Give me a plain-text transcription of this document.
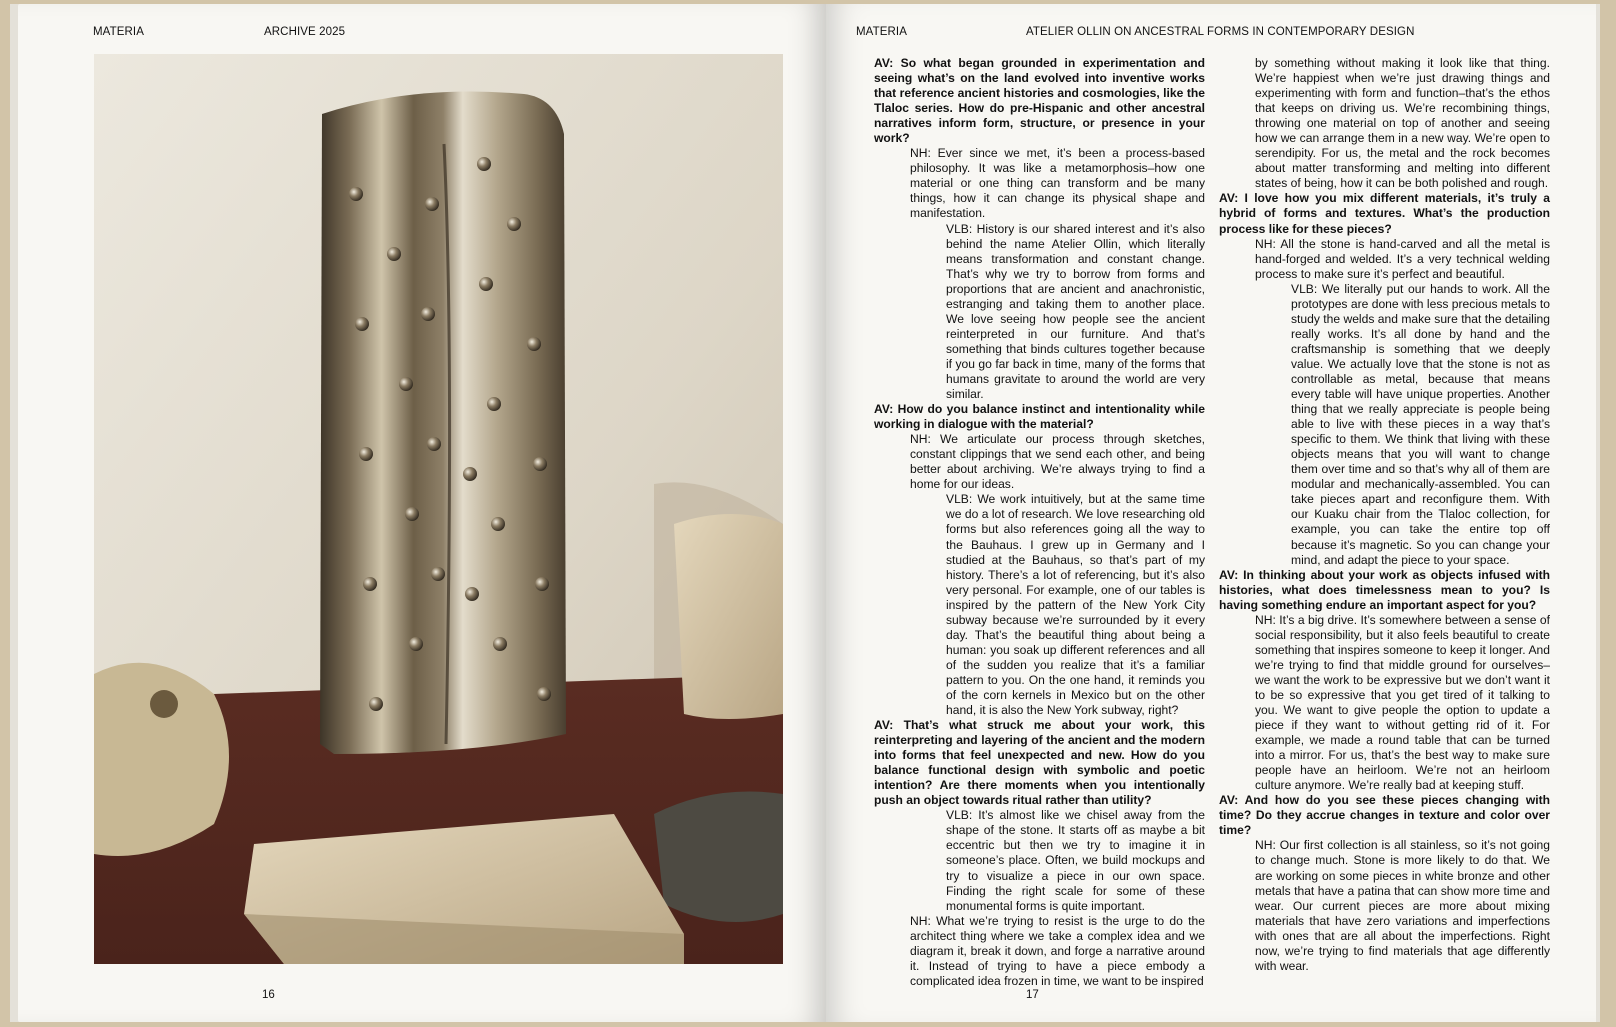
MATERIA	ARCHIVE 2025
16
MATERIA	ATELIER OLLIN ON ANCESTRAL FORMS IN CONTEMPORARY DESIGN

AV: So what began grounded in experimentation and seeing what’s on the land evolved into inventive works that reference ancient histories and cosmologies, like the Tlaloc series. How do pre-Hispanic and other ancestral narratives inform form, structure, or presence in your work?

NH: Ever since we met, it’s been a process-based philosophy. It was like a metamorphosis–how one material or one thing can transform and be many things, how it can change its physical shape and manifestation.

VLB: History is our shared interest and it’s also behind the name Atelier Ollin, which literally means transformation and constant change. That’s why we try to borrow from forms and proportions that are ancient and anachronistic, estranging and taking them to another place. We love seeing how people see the ancient reinterpreted in our furniture. And that’s something that binds cultures together because if you go far back in time, many of the forms that humans gravitate to around the world are very similar.

AV: How do you balance instinct and intentionality while working in dialogue with the material?

NH: We articulate our process through sketches, constant clippings that we send each other, and being better about archiving. We’re always trying to find a home for our ideas.

VLB: We work intuitively, but at the same time we do a lot of research. We love researching old forms but also references going all the way to the Bauhaus. I grew up in Germany and I studied at the Bauhaus, so that’s part of my history. There’s a lot of referencing, but it’s also very personal. For example, one of our tables is inspired by the pattern of the New York City subway because we’re surrounded by it every day. That’s the beautiful thing about being a human: you soak up different references and all of the sudden you realize that it’s a familiar pattern to you. On the one hand, it reminds you of the corn kernels in Mexico but on the other hand, it is also the New York subway, right?

AV: That’s what struck me about your work, this reinterpreting and layering of the ancient and the modern into forms that feel unexpected and new. How do you balance functional design with symbolic and poetic intention? Are there moments when you intentionally push an object towards ritual rather than utility?

VLB: It’s almost like we chisel away from the shape of the stone. It starts off as maybe a bit eccentric but then we try to imagine it in someone’s place. Often, we build mockups and try to visualize a piece in our own space. Finding the right scale for some of these monumental forms is quite important.

NH: What we’re trying to resist is the urge to do the architect thing where we take a complex idea and we diagram it, break it down, and forge a narrative around it. Instead of trying to have a piece embody a complicated idea frozen in time, we want to be inspired

by something without making it look like that thing. We’re happiest when we’re just drawing things and experimenting with form and function–that’s the ethos that keeps on driving us. We’re recombining things, throwing one material on top of another and seeing how we can arrange them in a new way. We’re open to serendipity. For us, the metal and the rock becomes about matter transforming and melting into different states of being, how it can be both polished and rough.

AV: I love how you mix different materials, it’s truly a hybrid of forms and textures. What’s the production process like for these pieces?

NH: All the stone is hand-carved and all the metal is hand-forged and welded. It’s a very technical welding process to make sure it’s perfect and beautiful.

VLB: We literally put our hands to work. All the prototypes are done with less precious metals to study the welds and make sure that the detailing really works. It’s all done by hand and the craftsmanship is something that we deeply value. We actually love that the stone is not as controllable as metal, because that means every table will have unique properties. Another thing that we really appreciate is people being able to live with these pieces in a way that’s specific to them. We think that living with these objects means that you will want to change them over time and so that’s why all of them are modular and mechanically-assembled. You can take pieces apart and reconfigure them. With our Kuaku chair from the Tlaloc collection, for example, you can take the entire top off because it’s magnetic. So you can change your mind, and adapt the piece to your space.

AV: In thinking about your work as objects infused with histories, what does timelessness mean to you? Is having something endure an important aspect for you?

NH: It’s a big drive. It’s somewhere between a sense of social responsibility, but it also feels beautiful to create something that inspires someone to keep it longer. And we’re trying to find that middle ground for ourselves–we want the work to be expressive but we don’t want it to be so expressive that you get tired of it talking to you. We want to give people the option to update a piece if they want to without getting rid of it. For example, we made a round table that can be turned into a mirror. For us, that’s the best way to make sure people have an heirloom. We’re not an heirloom culture anymore. We’re really bad at keeping stuff.

AV: And how do you see these pieces changing with time? Do they accrue changes in texture and color over time?

NH: Our first collection is all stainless, so it’s not going to change much. Stone is more likely to do that. We are working on some pieces in white bronze and other metals that have a patina that can show more time and wear. Our current pieces are more about mixing materials that have zero variations and imperfections with ones that are all about the imperfections. Right now, we’re trying to find materials that age differently with wear.

17
